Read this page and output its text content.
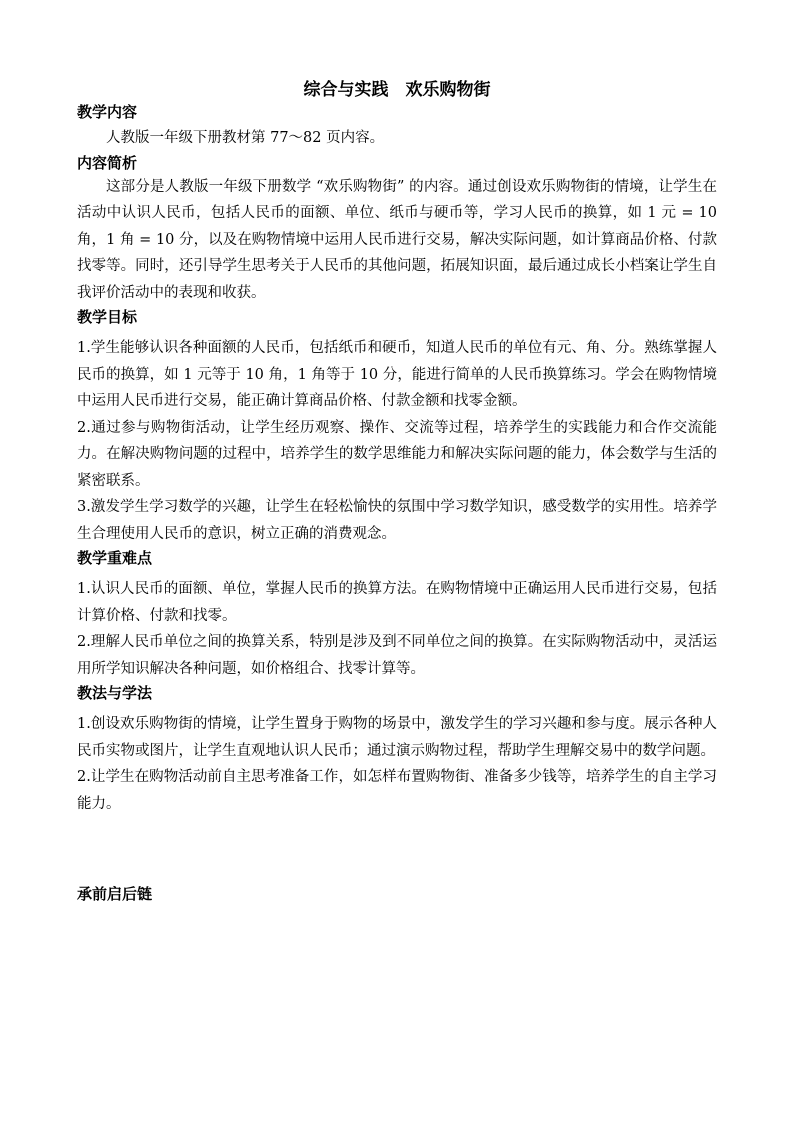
综合与实践　欢乐购物街

教学内容

人教版一年级下册教材第 77～82 页内容。

内容简析

这部分是人教版一年级下册数学 “欢乐购物街” 的内容。通过创设欢乐购物街的情境，让学生在活动中认识人民币，包括人民币的面额、单位、纸币与硬币等，学习人民币的换算，如 1 元 = 10 角，1 角 = 10 分，以及在购物情境中运用人民币进行交易，解决实际问题，如计算商品价格、付款找零等。同时，还引导学生思考关于人民币的其他问题，拓展知识面，最后通过成长小档案让学生自我评价活动中的表现和收获。

教学目标

1.学生能够认识各种面额的人民币，包括纸币和硬币，知道人民币的单位有元、角、分。熟练掌握人民币的换算，如 1 元等于 10 角，1 角等于 10 分，能进行简单的人民币换算练习。学会在购物情境中运用人民币进行交易，能正确计算商品价格、付款金额和找零金额。

2.通过参与购物街活动，让学生经历观察、操作、交流等过程，培养学生的实践能力和合作交流能力。在解决购物问题的过程中，培养学生的数学思维能力和解决实际问题的能力，体会数学与生活的紧密联系。

3.激发学生学习数学的兴趣，让学生在轻松愉快的氛围中学习数学知识，感受数学的实用性。培养学生合理使用人民币的意识，树立正确的消费观念。

教学重难点

1.认识人民币的面额、单位，掌握人民币的换算方法。在购物情境中正确运用人民币进行交易，包括计算价格、付款和找零。

2.理解人民币单位之间的换算关系，特别是涉及到不同单位之间的换算。在实际购物活动中，灵活运用所学知识解决各种问题，如价格组合、找零计算等。

教法与学法

1.创设欢乐购物街的情境，让学生置身于购物的场景中，激发学生的学习兴趣和参与度。展示各种人民币实物或图片，让学生直观地认识人民币；通过演示购物过程，帮助学生理解交易中的数学问题。

2.让学生在购物活动前自主思考准备工作，如怎样布置购物街、准备多少钱等，培养学生的自主学习能力。

承前启后链
